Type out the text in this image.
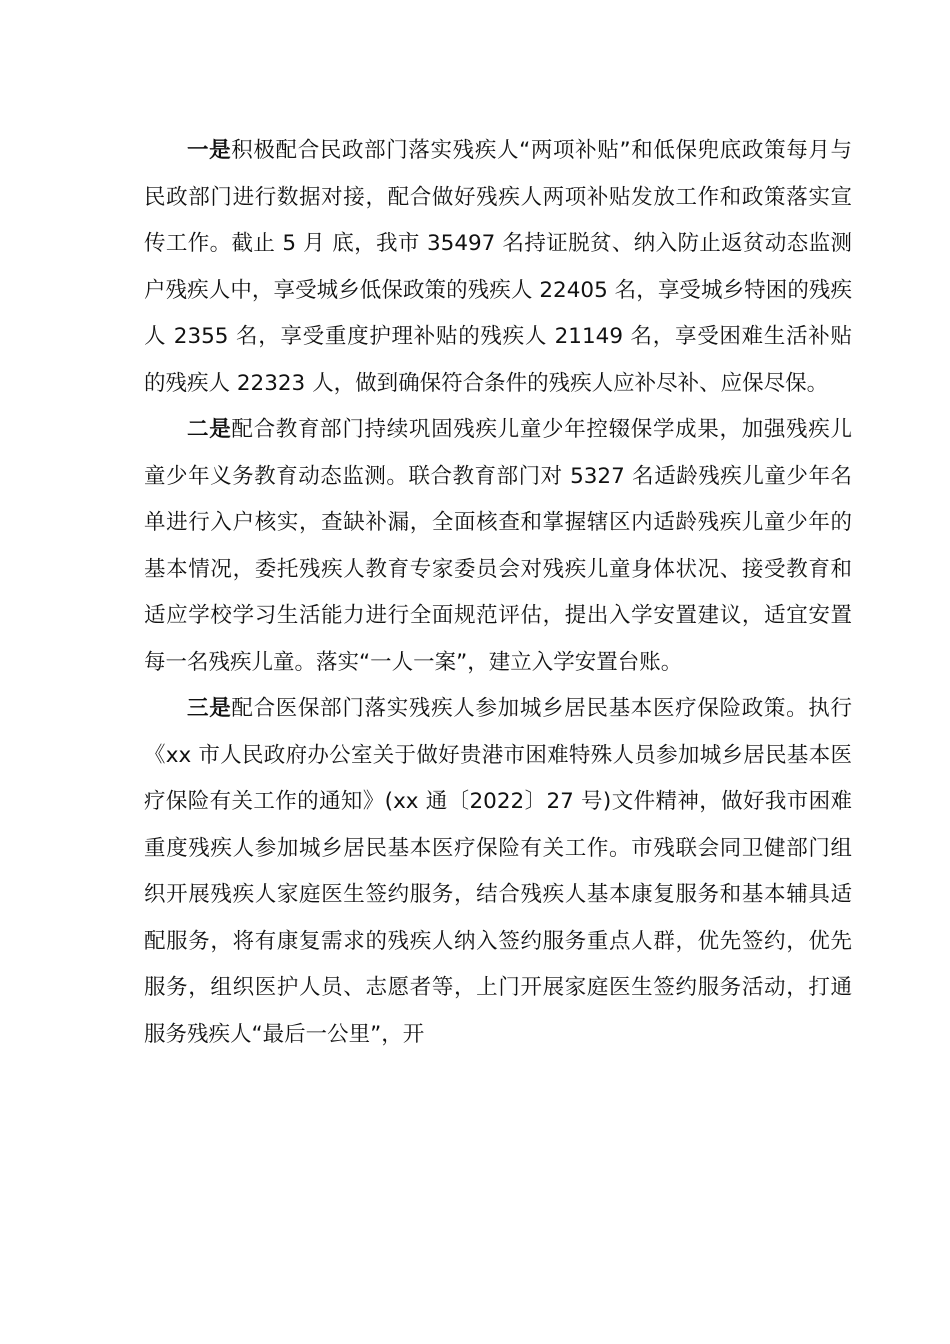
一是积极配合民政部门落实残疾人“两项补贴”和低保兜底政策每月与民政部门进行数据对接，配合做好残疾人两项补贴发放工作和政策落实宣传工作。截止 5 月 底，我市 35497 名持证脱贫、纳入防止返贫动态监测户残疾人中，享受城乡低保政策的残疾人 22405 名，享受城乡特困的残疾人 2355 名，享受重度护理补贴的残疾人 21149 名，享受困难生活补贴的残疾人 22323 人，做到确保符合条件的残疾人应补尽补、应保尽保。

二是配合教育部门持续巩固残疾儿童少年控辍保学成果，加强残疾儿童少年义务教育动态监测。联合教育部门对 5327 名适龄残疾儿童少年名单进行入户核实，查缺补漏，全面核查和掌握辖区内适龄残疾儿童少年的基本情况，委托残疾人教育专家委员会对残疾儿童身体状况、接受教育和适应学校学习生活能力进行全面规范评估，提出入学安置建议，适宜安置每一名残疾儿童。落实“一人一案”，建立入学安置台账。

三是配合医保部门落实残疾人参加城乡居民基本医疗保险政策。执行《xx 市人民政府办公室关于做好贵港市困难特殊人员参加城乡居民基本医疗保险有关工作的通知》(xx 通〔2022〕27 号)文件精神，做好我市困难重度残疾人参加城乡居民基本医疗保险有关工作。市残联会同卫健部门组织开展残疾人家庭医生签约服务，结合残疾人基本康复服务和基本辅具适配服务，将有康复需求的残疾人纳入签约服务重点人群，优先签约，优先服务，组织医护人员、志愿者等，上门开展家庭医生签约服务活动，打通服务残疾人“最后一公里”，开
